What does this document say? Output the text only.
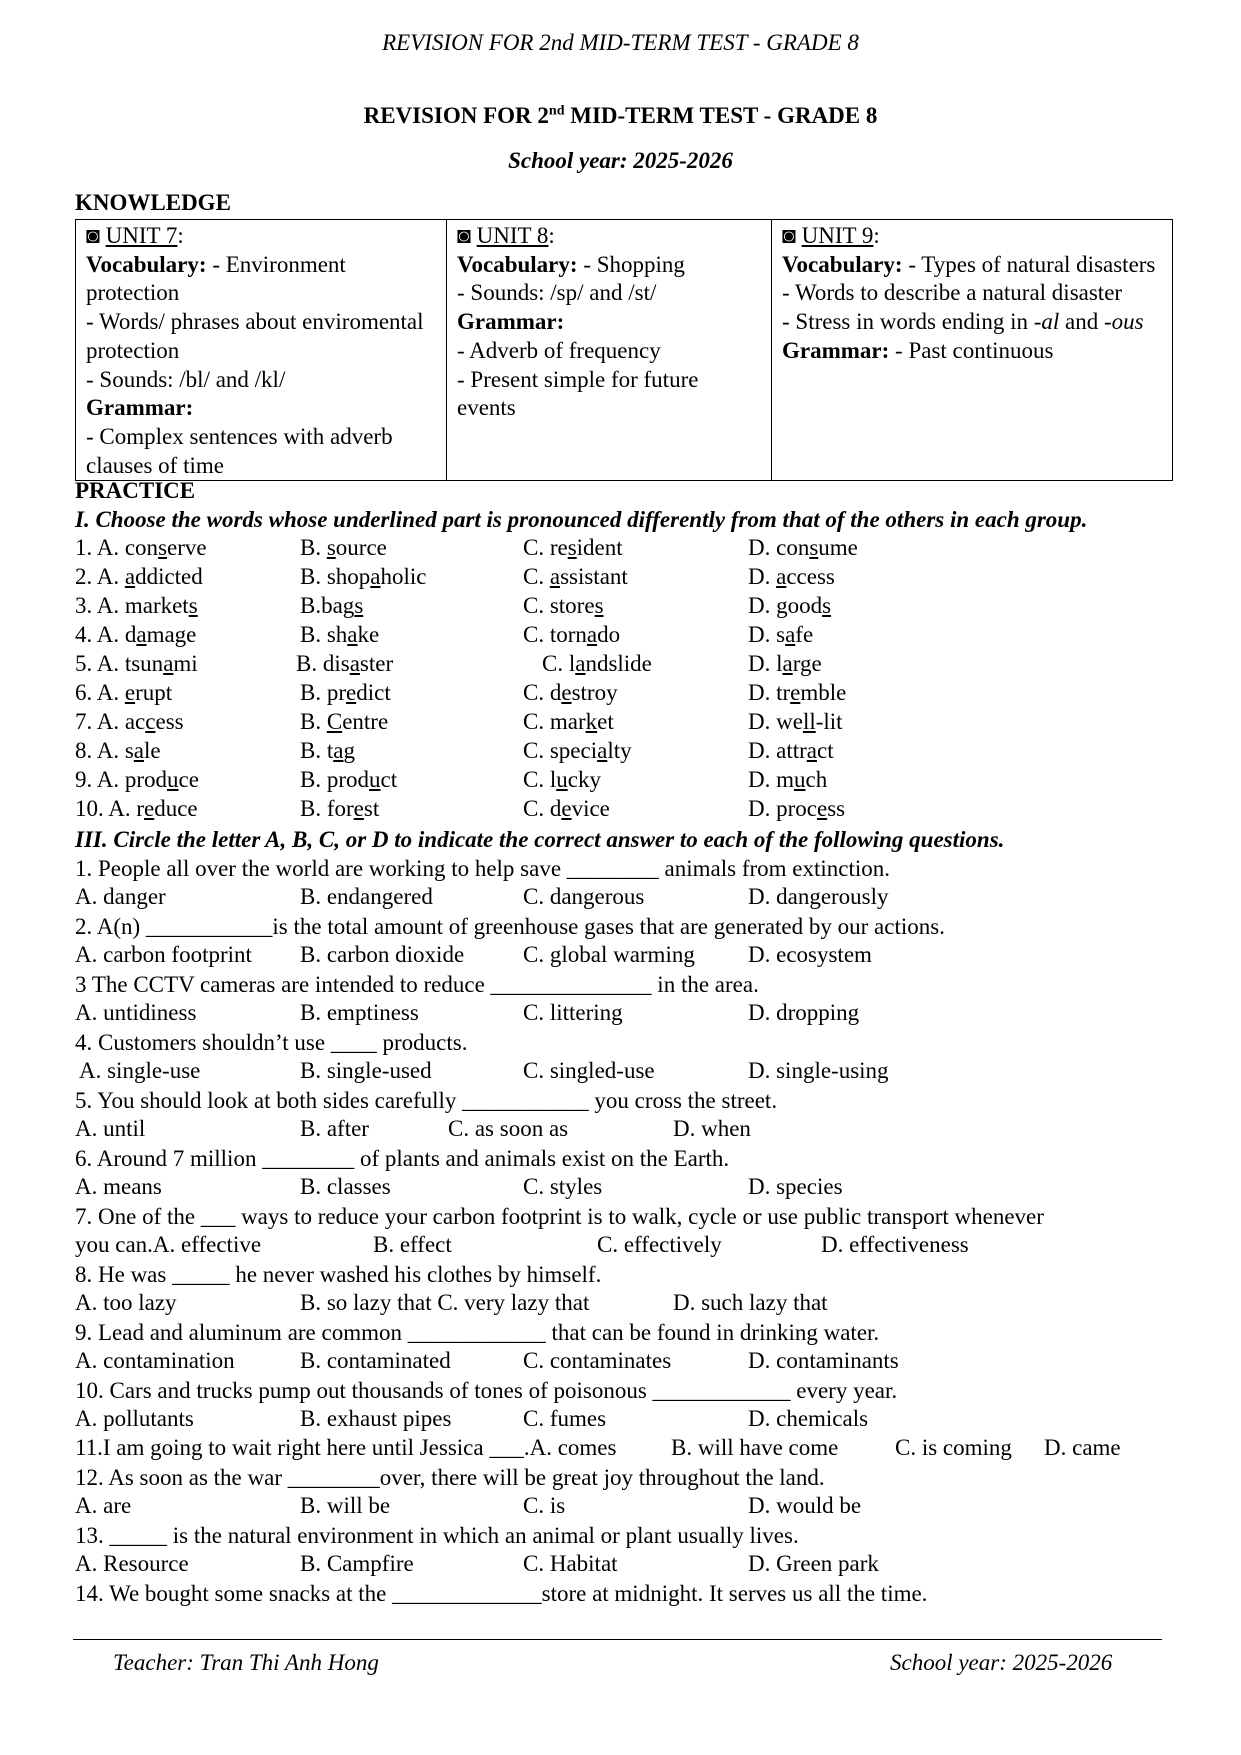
REVISION FOR 2nd MID-TERM TEST - GRADE 8
REVISION FOR 2nd MID-TERM TEST - GRADE 8
School year: 2025-2026
KNOWLEDGE
◙ UNIT 7:
Vocabulary: - Environment protection
- Words/ phrases about enviromental protection
- Sounds: /bl/ and /kl/
Grammar:
- Complex sentences with adverb clauses of time

◙ UNIT 8:
Vocabulary: - Shopping
- Sounds: /sp/ and /st/
Grammar:
- Adverb of frequency
- Present simple for future events

◙ UNIT 9:
Vocabulary: - Types of natural disasters
- Words to describe a natural disaster
- Stress in words ending in -al and -ous
Grammar: - Past continuous
PRACTICE
I. Choose the words whose underlined part is pronounced differently from that of the others in each group.
1. A. conserve	B. source	C. resident	D. consume
2. A. addicted	B. shopaholic	C. assistant	D. access
3. A. markets	B.bags	C. stores	D. goods
4. A. damage	B. shake	C. tornado	D. safe
5. A. tsunami	B. disaster	C. landslide	D. large
6. A. erupt	B. predict	C. destroy	D. tremble
7. A. access	B. Centre	C. market	D. well-lit
8. A. sale	B. tag	C. specialty	D. attract
9. A. produce	B. product	C. lucky	D. much
10. A. reduce	B. forest	C. device	D. process
III. Circle the letter A, B, C, or D to indicate the correct answer to each of the following questions.
1. People all over the world are working to help save ________ animals from extinction.
A. danger	B. endangered	C. dangerous	D. dangerously
2. A(n) ___________is the total amount of greenhouse gases that are generated by our actions.
A. carbon footprint B. carbon dioxide	C. global warming D. ecosystem
3 The CCTV cameras are intended to reduce ______________ in the area.
A. untidiness	B. emptiness	C. littering	D. dropping
4. Customers shouldn’t use ____ products.
A. single-use	B. single-used	C. singled-use	D. single-using
5. You should look at both sides carefully ___________ you cross the street.
A. until	B. after	C. as soon as	D. when
6. Around 7 million ________ of plants and animals exist on the Earth.
A. means	B. classes	C. styles	D. species
7. One of the ___ ways to reduce your carbon footprint is to walk, cycle or use public transport whenever
you can.A. effective	B. effect	C. effectively	D. effectiveness
8. He was _____ he never washed his clothes by himself.
A. too lazy	B. so lazy that C. very lazy that	D. such lazy that
9. Lead and aluminum are common ____________ that can be found in drinking water.
A. contamination	B. contaminated	C. contaminates	D. contaminants
10. Cars and trucks pump out thousands of tones of poisonous ____________ every year.
A. pollutants	B. exhaust pipes	C. fumes	D. chemicals
11.I am going to wait right here until Jessica ___.A. comes B. will have come C. is coming D. came
12. As soon as the war ________over, there will be great joy throughout the land.
A. are	B. will be	C. is	D. would be
13. _____ is the natural environment in which an animal or plant usually lives.
A. Resource	B. Campfire	C. Habitat	D. Green park
14. We bought some snacks at the _____________store at midnight. It serves us all the time.
Teacher: Tran Thi Anh Hong	School year: 2025-2026
